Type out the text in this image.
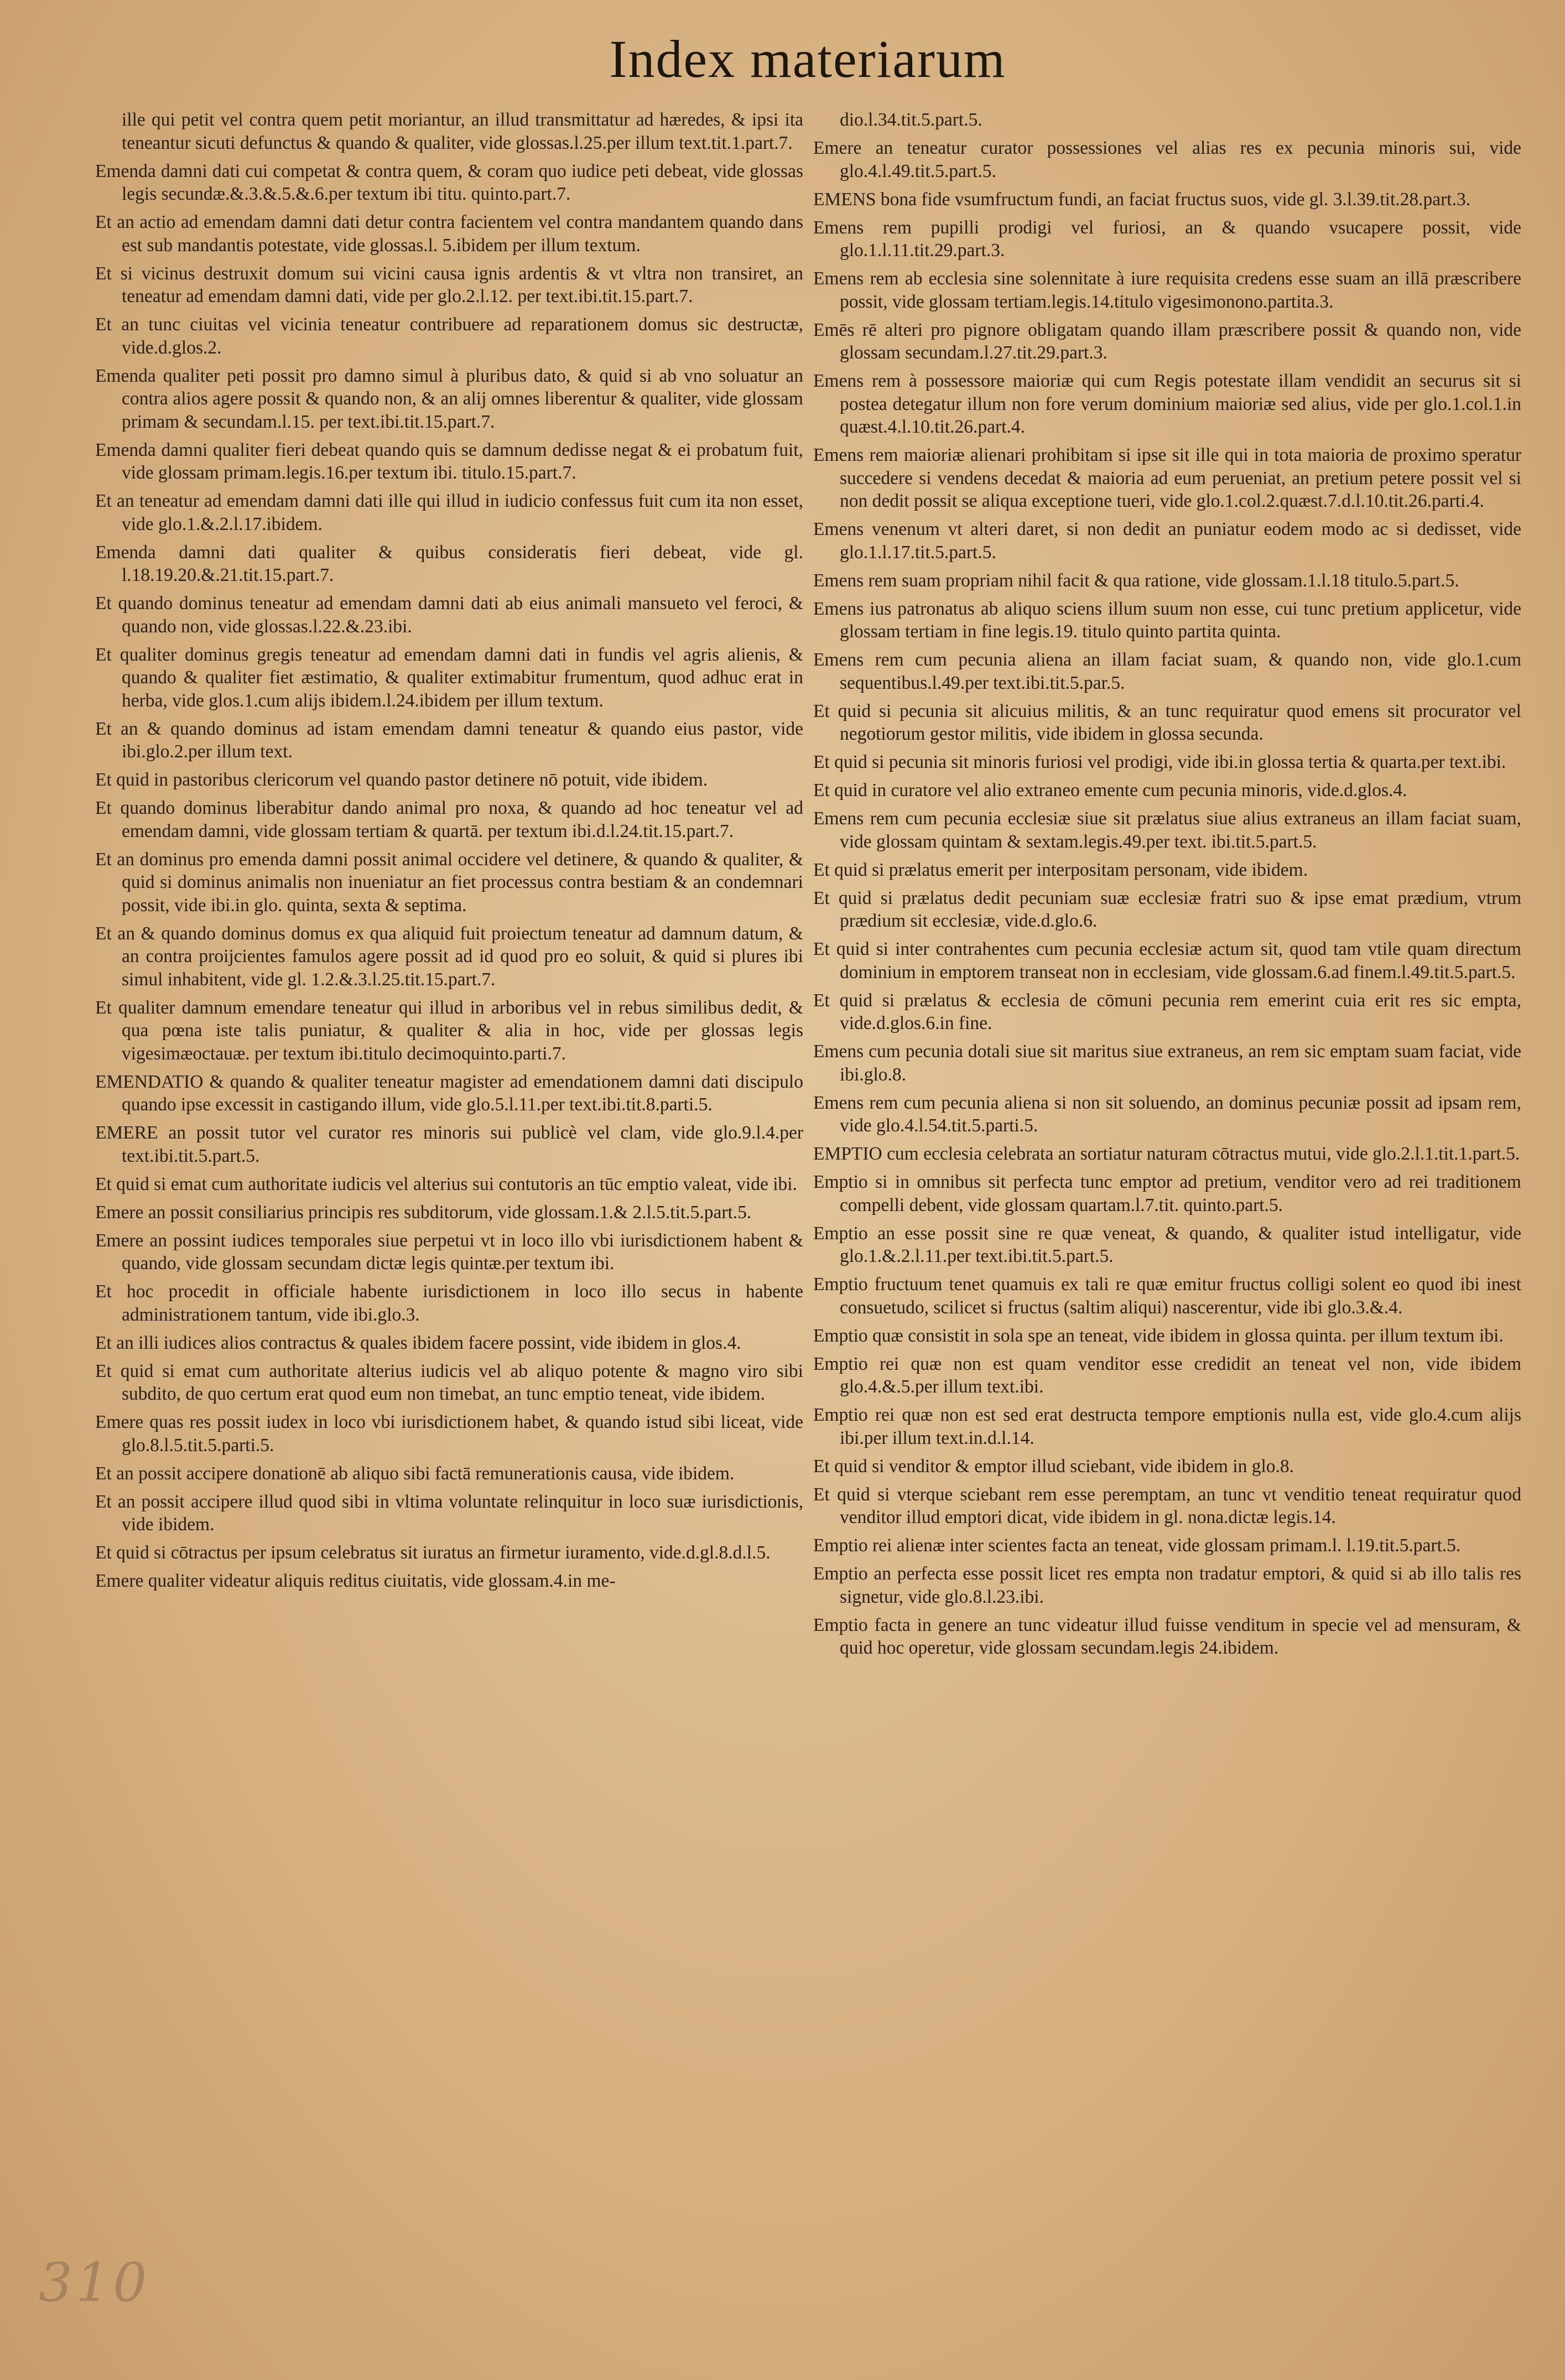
Index materiarum

ille qui petit vel contra quem petit moriantur, an illud transmittatur ad hæredes, & ipsi ita teneantur sicuti defunctus & quando & qualiter, vide glossas.l.25.per illum text.tit.1.part.7.

Emenda damni dati cui competat & contra quem, & coram quo iudice peti debeat, vide glossas legis secundæ.&.3.&.5.&.6.per textum ibi titu. quinto.part.7.

Et an actio ad emendam damni dati detur contra facientem vel contra mandantem quando dans est sub mandantis potestate, vide glossas.l. 5.ibidem per illum textum.

Et si vicinus destruxit domum sui vicini causa ignis ardentis & vt vltra non transiret, an teneatur ad emendam damni dati, vide per glo.2.l.12. per text.ibi.tit.15.part.7.

Et an tunc ciuitas vel vicinia teneatur contribuere ad reparationem domus sic destructæ, vide.d.glos.2.

Emenda qualiter peti possit pro damno simul à pluribus dato, & quid si ab vno soluatur an contra alios agere possit & quando non, & an alij omnes liberentur & qualiter, vide glossam primam & secundam.l.15. per text.ibi.tit.15.part.7.

Emenda damni qualiter fieri debeat quando quis se damnum dedisse negat & ei probatum fuit, vide glossam primam.legis.16.per textum ibi. titulo.15.part.7.

Et an teneatur ad emendam damni dati ille qui illud in iudicio confessus fuit cum ita non esset, vide glo.1.&.2.l.17.ibidem.

Emenda damni dati qualiter & quibus consideratis fieri debeat, vide gl. l.18.19.20.&.21.tit.15.part.7.

Et quando dominus teneatur ad emendam damni dati ab eius animali mansueto vel feroci, & quando non, vide glossas.l.22.&.23.ibi.

Et qualiter dominus gregis teneatur ad emendam damni dati in fundis vel agris alienis, & quando & qualiter fiet æstimatio, & qualiter extimabitur frumentum, quod adhuc erat in herba, vide glos.1.cum alijs ibidem.l.24.ibidem per illum textum.

Et an & quando dominus ad istam emendam damni teneatur & quando eius pastor, vide ibi.glo.2.per illum text.

Et quid in pastoribus clericorum vel quando pastor detinere nō potuit, vide ibidem.

Et quando dominus liberabitur dando animal pro noxa, & quando ad hoc teneatur vel ad emendam damni, vide glossam tertiam & quartā. per textum ibi.d.l.24.tit.15.part.7.

Et an dominus pro emenda damni possit animal occidere vel detinere, & quando & qualiter, & quid si dominus animalis non inueniatur an fiet processus contra bestiam & an condemnari possit, vide ibi.in glo. quinta, sexta & septima.

Et an & quando dominus domus ex qua aliquid fuit proiectum teneatur ad damnum datum, & an contra proijcientes famulos agere possit ad id quod pro eo soluit, & quid si plures ibi simul inhabitent, vide gl. 1.2.&.3.l.25.tit.15.part.7.

Et qualiter damnum emendare teneatur qui illud in arboribus vel in rebus similibus dedit, & qua pœna iste talis puniatur, & qualiter & alia in hoc, vide per glossas legis vigesimæoctauæ. per textum ibi.titulo decimoquinto.parti.7.

EMENDATIO & quando & qualiter teneatur magister ad emendationem damni dati discipulo quando ipse excessit in castigando illum, vide glo.5.l.11.per text.ibi.tit.8.parti.5.

EMERE an possit tutor vel curator res minoris sui publicè vel clam, vide glo.9.l.4.per text.ibi.tit.5.part.5.

Et quid si emat cum authoritate iudicis vel alterius sui contutoris an tūc emptio valeat, vide ibi.

Emere an possit consiliarius principis res subditorum, vide glossam.1.& 2.l.5.tit.5.part.5.

Emere an possint iudices temporales siue perpetui vt in loco illo vbi iurisdictionem habent & quando, vide glossam secundam dictæ legis quintæ.per textum ibi.

Et hoc procedit in officiale habente iurisdictionem in loco illo secus in habente administrationem tantum, vide ibi.glo.3.

Et an illi iudices alios contractus & quales ibidem facere possint, vide ibidem in glos.4.

Et quid si emat cum authoritate alterius iudicis vel ab aliquo potente & magno viro sibi subdito, de quo certum erat quod eum non timebat, an tunc emptio teneat, vide ibidem.

Emere quas res possit iudex in loco vbi iurisdictionem habet, & quando istud sibi liceat, vide glo.8.l.5.tit.5.parti.5.

Et an possit accipere donationē ab aliquo sibi factā remunerationis causa, vide ibidem.

Et an possit accipere illud quod sibi in vltima voluntate relinquitur in loco suæ iurisdictionis, vide ibidem.

Et quid si cōtractus per ipsum celebratus sit iuratus an firmetur iuramento, vide.d.gl.8.d.l.5.

Emere qualiter videatur aliquis reditus ciuitatis, vide glossam.4.in me-

dio.l.34.tit.5.part.5.

Emere an teneatur curator possessiones vel alias res ex pecunia minoris sui, vide glo.4.l.49.tit.5.part.5.

EMENS bona fide vsumfructum fundi, an faciat fructus suos, vide gl. 3.l.39.tit.28.part.3.

Emens rem pupilli prodigi vel furiosi, an & quando vsucapere possit, vide glo.1.l.11.tit.29.part.3.

Emens rem ab ecclesia sine solennitate à iure requisita credens esse suam an illā præscribere possit, vide glossam tertiam.legis.14.titulo vigesimonono.partita.3.

Emēs rē alteri pro pignore obligatam quando illam præscribere possit & quando non, vide glossam secundam.l.27.tit.29.part.3.

Emens rem à possessore maioriæ qui cum Regis potestate illam vendidit an securus sit si postea detegatur illum non fore verum dominium maioriæ sed alius, vide per glo.1.col.1.in quæst.4.l.10.tit.26.part.4.

Emens rem maioriæ alienari prohibitam si ipse sit ille qui in tota maioria de proximo speratur succedere si vendens decedat & maioria ad eum perueniat, an pretium petere possit vel si non dedit possit se aliqua exceptione tueri, vide glo.1.col.2.quæst.7.d.l.10.tit.26.parti.4.

Emens venenum vt alteri daret, si non dedit an puniatur eodem modo ac si dedisset, vide glo.1.l.17.tit.5.part.5.

Emens rem suam propriam nihil facit & qua ratione, vide glossam.1.l.18 titulo.5.part.5.

Emens ius patronatus ab aliquo sciens illum suum non esse, cui tunc pretium applicetur, vide glossam tertiam in fine legis.19. titulo quinto partita quinta.

Emens rem cum pecunia aliena an illam faciat suam, & quando non, vide glo.1.cum sequentibus.l.49.per text.ibi.tit.5.par.5.

Et quid si pecunia sit alicuius militis, & an tunc requiratur quod emens sit procurator vel negotiorum gestor militis, vide ibidem in glossa secunda.

Et quid si pecunia sit minoris furiosi vel prodigi, vide ibi.in glossa tertia & quarta.per text.ibi.

Et quid in curatore vel alio extraneo emente cum pecunia minoris, vide.d.glos.4.

Emens rem cum pecunia ecclesiæ siue sit prælatus siue alius extraneus an illam faciat suam, vide glossam quintam & sextam.legis.49.per text. ibi.tit.5.part.5.

Et quid si prælatus emerit per interpositam personam, vide ibidem.

Et quid si prælatus dedit pecuniam suæ ecclesiæ fratri suo & ipse emat prædium, vtrum prædium sit ecclesiæ, vide.d.glo.6.

Et quid si inter contrahentes cum pecunia ecclesiæ actum sit, quod tam vtile quam directum dominium in emptorem transeat non in ecclesiam, vide glossam.6.ad finem.l.49.tit.5.part.5.

Et quid si prælatus & ecclesia de cōmuni pecunia rem emerint cuia erit res sic empta, vide.d.glos.6.in fine.

Emens cum pecunia dotali siue sit maritus siue extraneus, an rem sic emptam suam faciat, vide ibi.glo.8.

Emens rem cum pecunia aliena si non sit soluendo, an dominus pecuniæ possit ad ipsam rem, vide glo.4.l.54.tit.5.parti.5.

EMPTIO cum ecclesia celebrata an sortiatur naturam cōtractus mutui, vide glo.2.l.1.tit.1.part.5.

Emptio si in omnibus sit perfecta tunc emptor ad pretium, venditor vero ad rei traditionem compelli debent, vide glossam quartam.l.7.tit. quinto.part.5.

Emptio an esse possit sine re quæ veneat, & quando, & qualiter istud intelligatur, vide glo.1.&.2.l.11.per text.ibi.tit.5.part.5.

Emptio fructuum tenet quamuis ex tali re quæ emitur fructus colligi solent eo quod ibi inest consuetudo, scilicet si fructus (saltim aliqui) nascerentur, vide ibi glo.3.&.4.

Emptio quæ consistit in sola spe an teneat, vide ibidem in glossa quinta. per illum textum ibi.

Emptio rei quæ non est quam venditor esse credidit an teneat vel non, vide ibidem glo.4.&.5.per illum text.ibi.

Emptio rei quæ non est sed erat destructa tempore emptionis nulla est, vide glo.4.cum alijs ibi.per illum text.in.d.l.14.

Et quid si venditor & emptor illud sciebant, vide ibidem in glo.8.

Et quid si vterque sciebant rem esse peremptam, an tunc vt venditio teneat requiratur quod venditor illud emptori dicat, vide ibidem in gl. nona.dictæ legis.14.

Emptio rei alienæ inter scientes facta an teneat, vide glossam primam.l. l.19.tit.5.part.5.

Emptio an perfecta esse possit licet res empta non tradatur emptori, & quid si ab illo talis res signetur, vide glo.8.l.23.ibi.

Emptio facta in genere an tunc videatur illud fuisse venditum in specie vel ad mensuram, & quid hoc operetur, vide glossam secundam.legis 24.ibidem.

310
